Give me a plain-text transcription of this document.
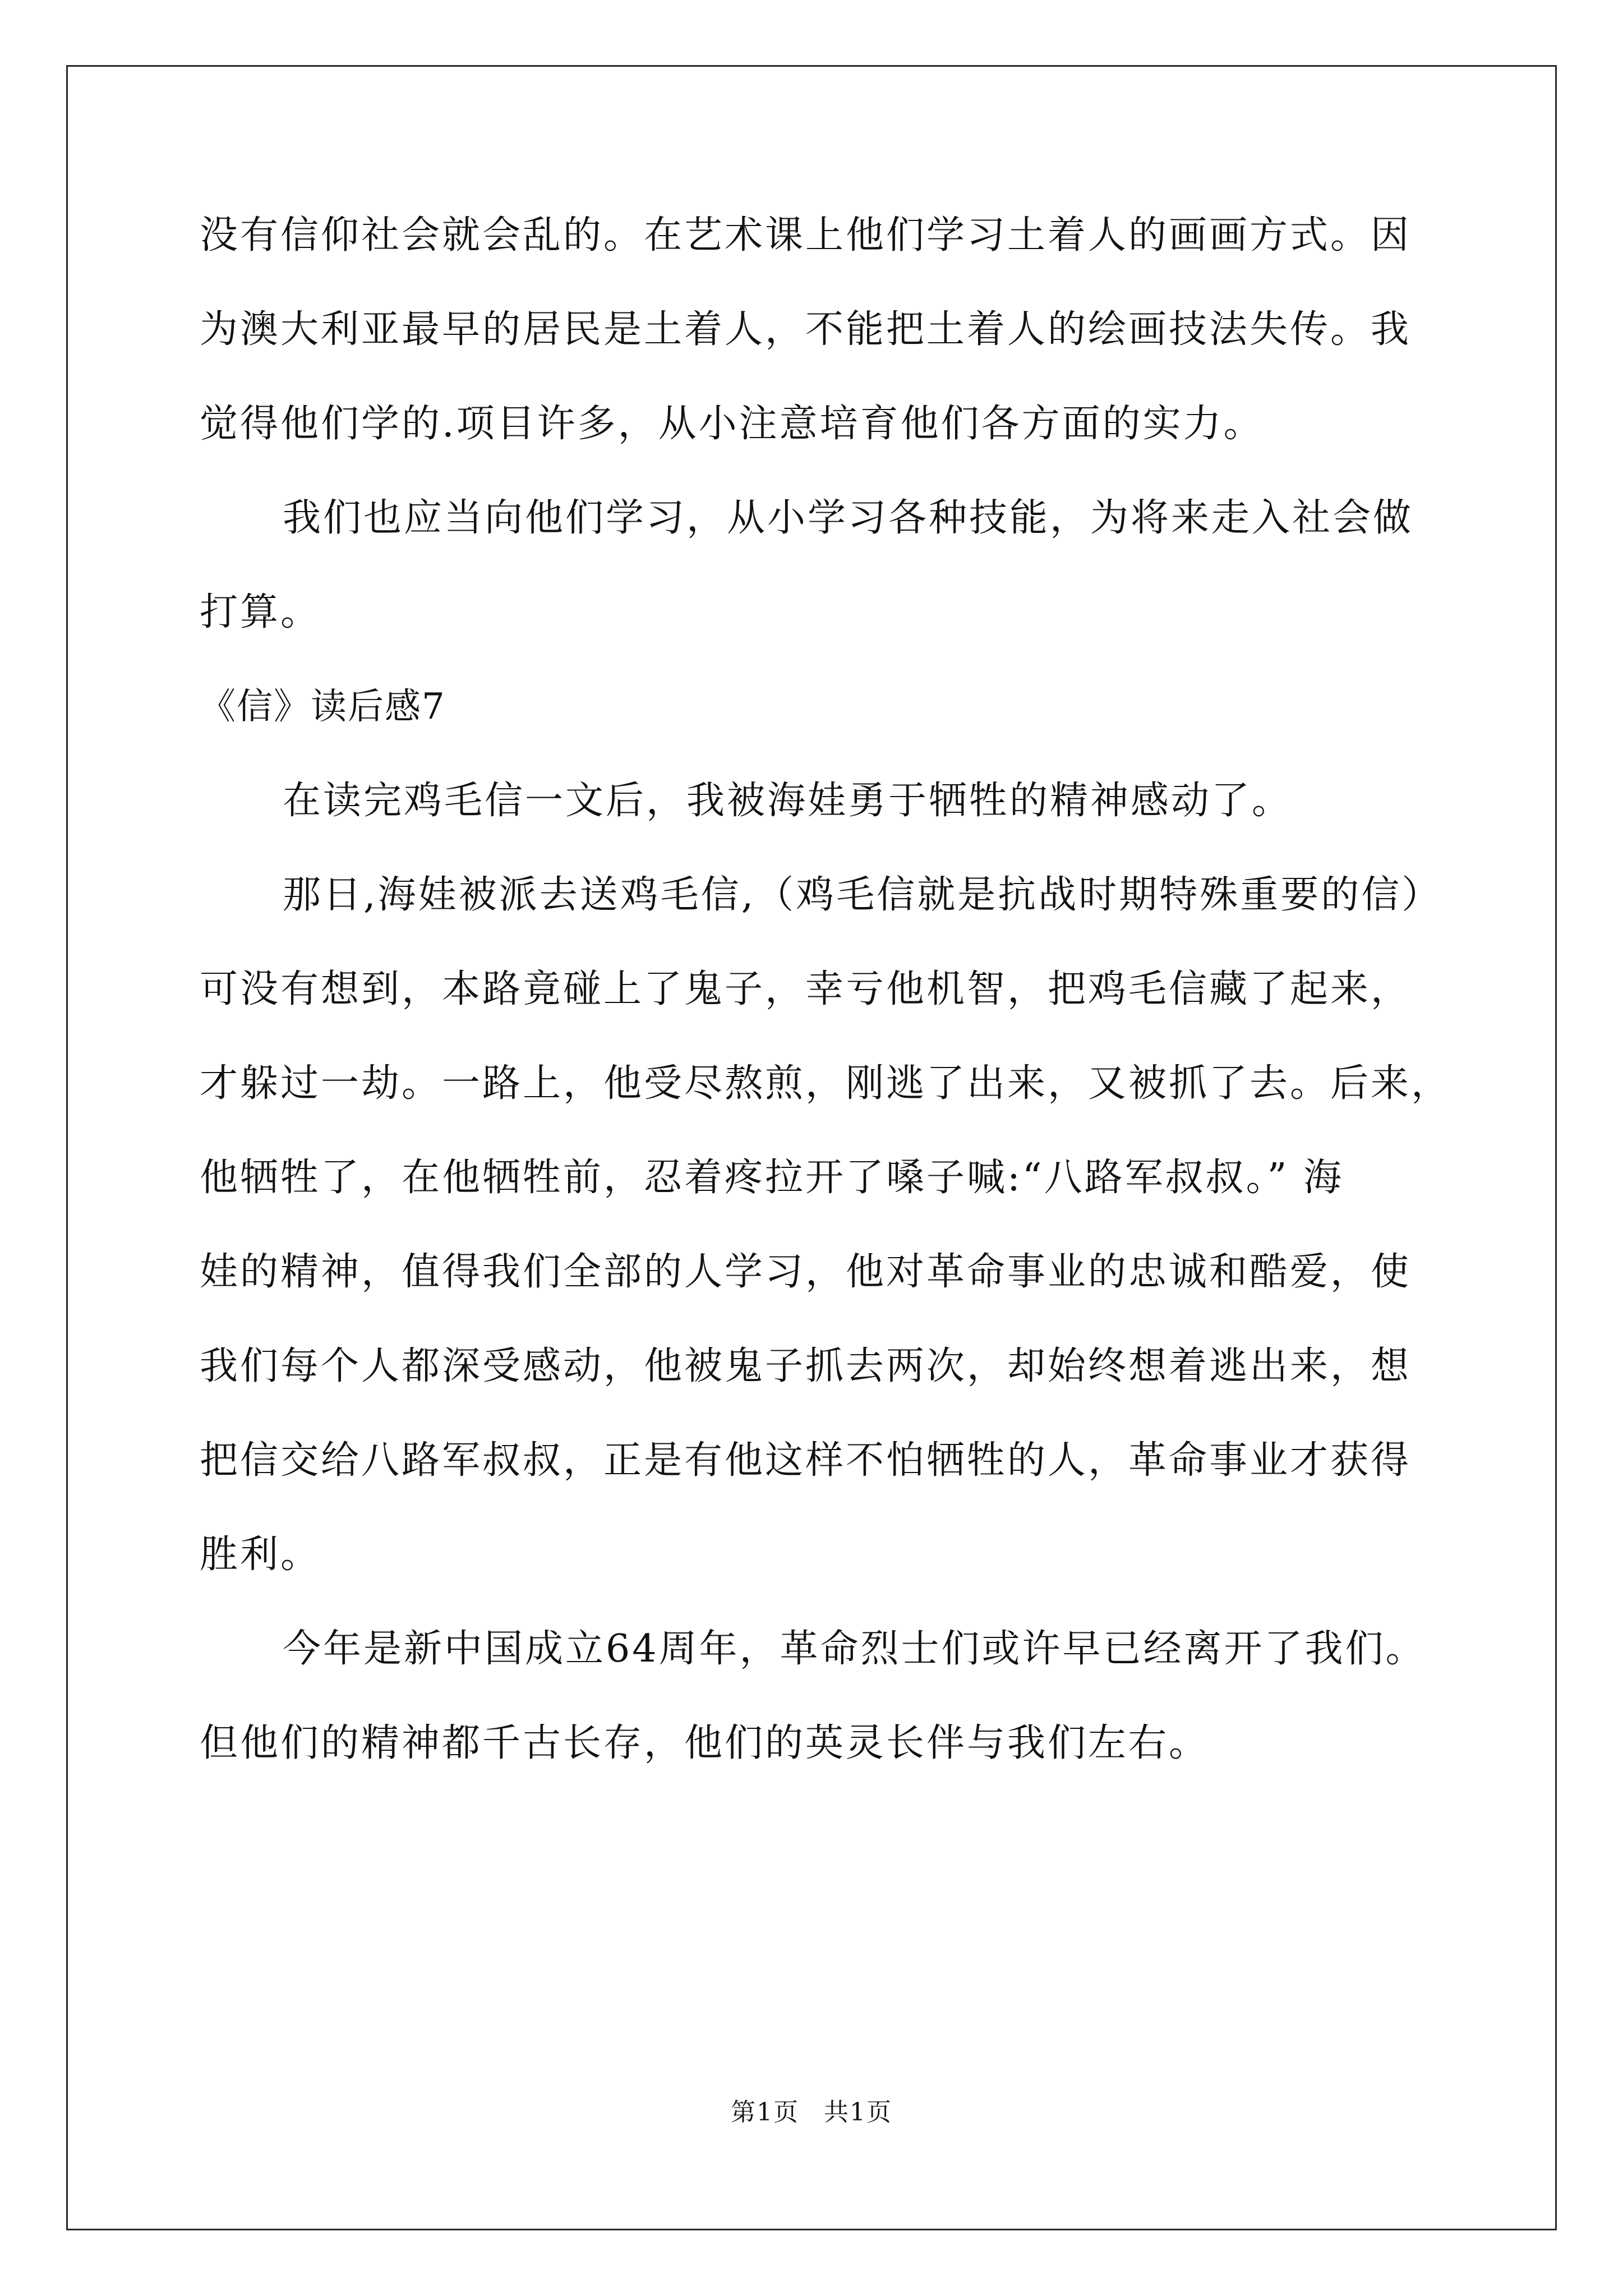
没有信仰社会就会乱的。在艺术课上他们学习土着人的画画方式。因
为澳大利亚最早的居民是土着人，不能把土着人的绘画技法失传。我
觉得他们学的.项目许多，从小注意培育他们各方面的实力。
我们也应当向他们学习，从小学习各种技能，为将来走入社会做
打算。
《信》读后感7
在读完鸡毛信一文后，我被海娃勇于牺牲的精神感动了。
那日,海娃被派去送鸡毛信,（鸡毛信就是抗战时期特殊重要的信）
可没有想到，本路竟碰上了鬼子，幸亏他机智，把鸡毛信藏了起来，
才躲过一劫。一路上，他受尽熬煎，刚逃了出来，又被抓了去。后来，
他牺牲了，在他牺牲前，忍着疼拉开了嗓子喊:“八路军叔叔。” 海
娃的精神，值得我们全部的人学习，他对革命事业的忠诚和酷爱，使
我们每个人都深受感动，他被鬼子抓去两次，却始终想着逃出来，想
把信交给八路军叔叔，正是有他这样不怕牺牲的人，革命事业才获得
胜利。
今年是新中国成立64周年，革命烈士们或许早已经离开了我们。
但他们的精神都千古长存，他们的英灵长伴与我们左右。
第1页 共1页
